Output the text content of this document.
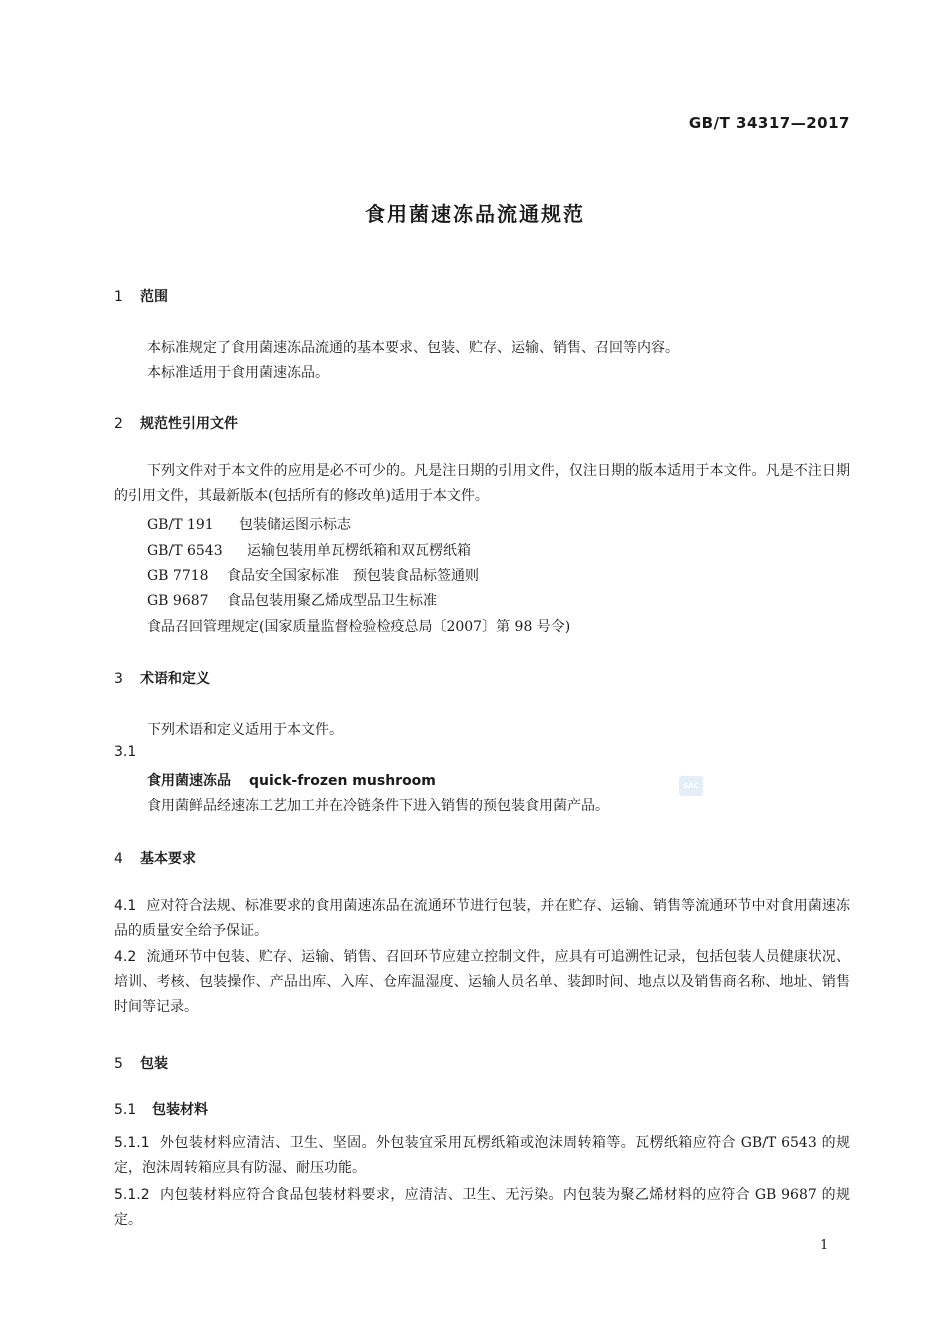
GB/T 34317—2017
食用菌速冻品流通规范
1 范围
本标准规定了食用菌速冻品流通的基本要求、包装、贮存、运输、销售、召回等内容。
本标准适用于食用菌速冻品。
2 规范性引用文件
下列文件对于本文件的应用是必不可少的。凡是注日期的引用文件，仅注日期的版本适用于本文件。凡是不注日期的引用文件，其最新版本(包括所有的修改单)适用于本文件。
GB/T 191 包装储运图示标志
GB/T 6543 运输包装用单瓦楞纸箱和双瓦楞纸箱
GB 7718 食品安全国家标准　预包装食品标签通则
GB 9687 食品包装用聚乙烯成型品卫生标准
食品召回管理规定(国家质量监督检验检疫总局〔2007〕第 98 号令)
3 术语和定义
下列术语和定义适用于本文件。
3.1
食用菌速冻品 quick-frozen mushroom
食用菌鲜品经速冻工艺加工并在冷链条件下进入销售的预包装食用菌产品。
SAC
4 基本要求
4.1 应对符合法规、标准要求的食用菌速冻品在流通环节进行包装，并在贮存、运输、销售等流通环节中对食用菌速冻品的质量安全给予保证。
4.2 流通环节中包装、贮存、运输、销售、召回环节应建立控制文件，应具有可追溯性记录，包括包装人员健康状况、培训、考核、包装操作、产品出库、入库、仓库温湿度、运输人员名单、装卸时间、地点以及销售商名称、地址、销售时间等记录。
5 包装
5.1 包装材料
5.1.1 外包装材料应清洁、卫生、坚固。外包装宜采用瓦楞纸箱或泡沫周转箱等。瓦楞纸箱应符合 GB/T 6543 的规定，泡沫周转箱应具有防湿、耐压功能。
5.1.2 内包装材料应符合食品包装材料要求，应清洁、卫生、无污染。内包装为聚乙烯材料的应符合 GB 9687 的规定。
1
